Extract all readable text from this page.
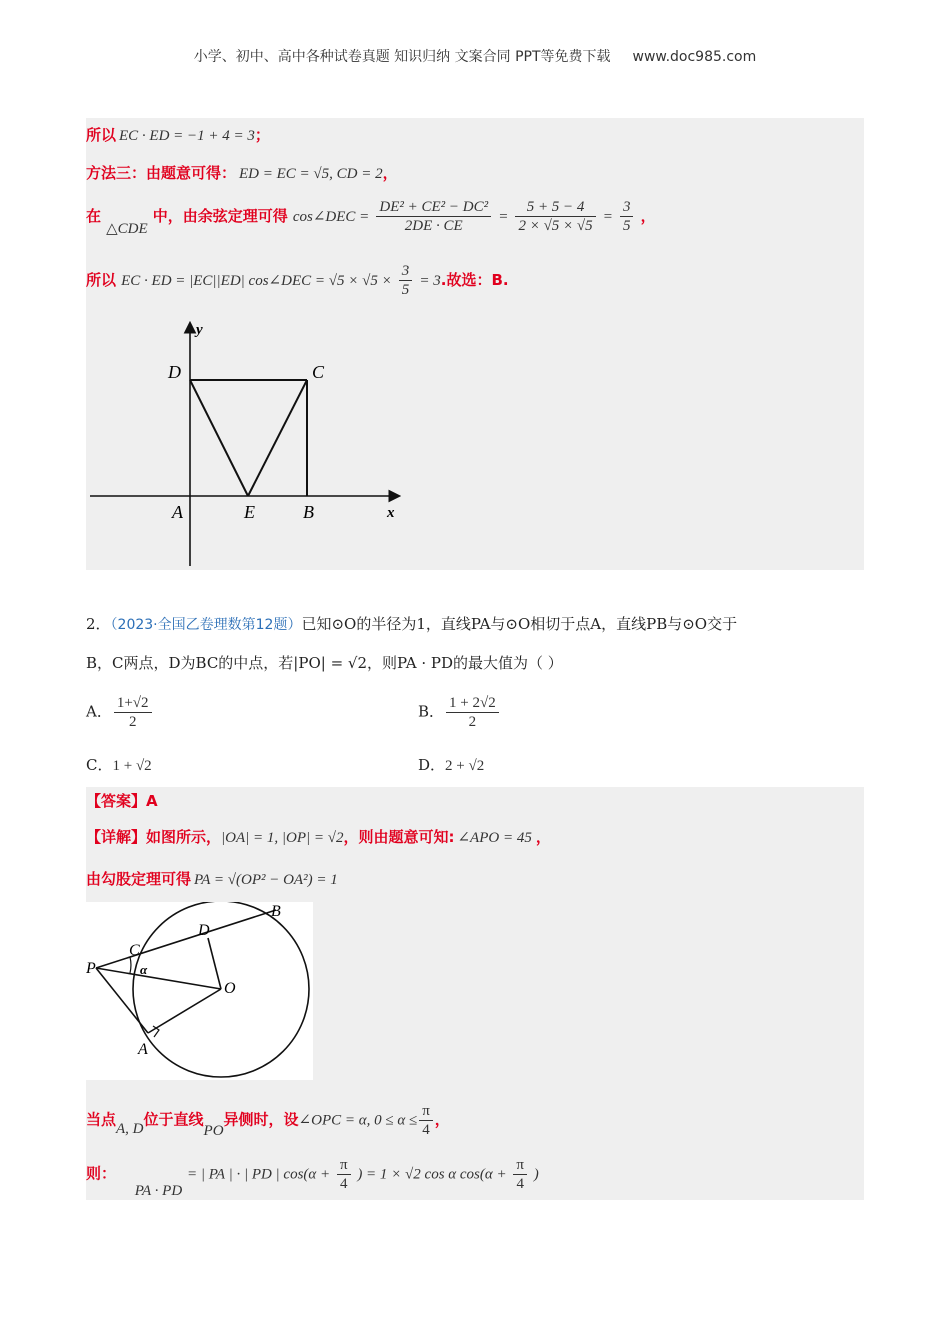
小学、初中、高中各种试卷真题 知识归纳 文案合同 PPT等免费下载 www.doc985.com
所以 EC · ED = −1 + 4 = 3；
方法三：由题意可得： ED = EC = √5, CD = 2，
在 △CDE 中，由余弦定理可得 cos∠DEC = $\frac{\text{DE² + CE² − DC²}}{2DE \cdot CE} = \frac{5 + 5 - 4}{2 \times √5 \times √5} = \frac{3}{5}$ ，
所以 EC · ED = |EC||ED| cos∠DEC = $√5 \times √5 \times \frac{3}{5} = 3$.故选：B.
y
D	C
A	E	B	x
2．（2023·全国乙卷理数第12题）已知⊙O的半径为1，直线PA与⊙O相切于点A，直线PB与⊙O交于
B，C两点，D为BC的中点，若|PO| = √2，则PA · PD的最大值为（ ）
A． $\frac{1+√2}{2}$	B． $\frac{1 + 2√2}{2}$
C．1 + √2	D．2 + √2
【答案】A
【详解】如图所示，|OA| = 1, |OP| = √2，则由题意可知: ∠APO = 45 ，
由勾股定理可得 PA = √(OP² − OA²) = 1
B
D
C
P	α
O
A
当点A, D位于直线PO异侧时，设∠OPC = α, $0 \le \alpha \le \frac{\pi}{4}$ ，
则： PA · PD = | PA | · | PD | $\cos(\alpha + \frac{\pi}{4}$ ) = 1 × √2 cos α $\cos(\alpha + \frac{\pi}{4}$ )
